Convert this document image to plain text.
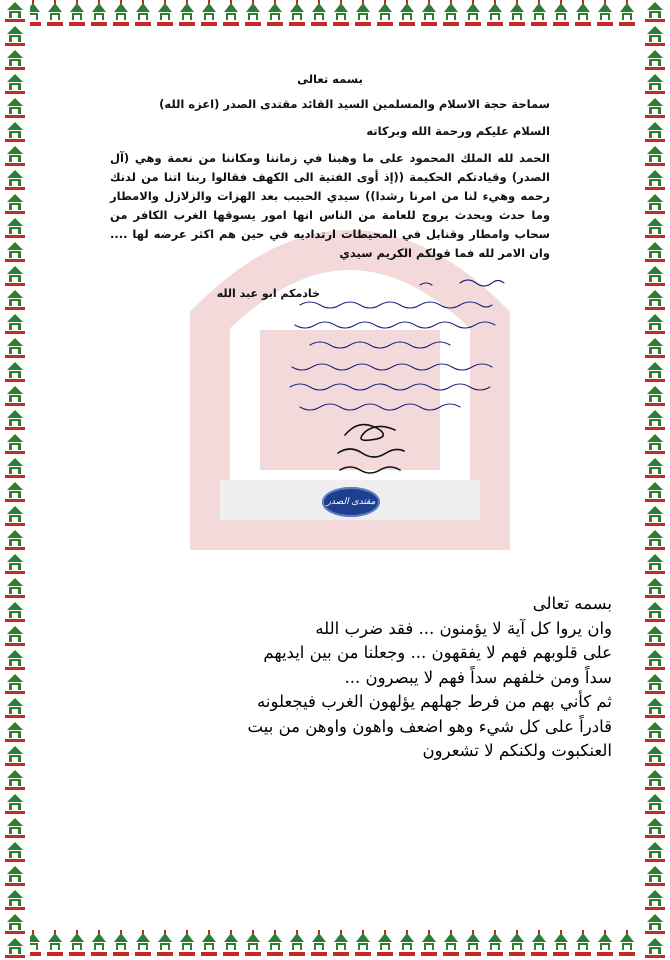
بسمه تعالى
سماحة حجة الاسلام والمسلمين السيد القائد مقتدى الصدر (اعزه الله)
السلام عليكم ورحمة الله وبركاته
الحمد لله الملك المحمود على ما وهبنا في زماننا ومكاننا من نعمة وهي (آل الصدر) وقيادتكم الحكيمة ((إذ أوى الفتية الى الكهف فقالوا ربنا اتنا من لدنك رحمه وهيء لنا من امرنا رشدا)) سيدي الحبيب بعد الهزات والزلازل والامطار وما حدث ويحدث يروج للعامة من الناس انها امور يسوقها الغرب الكافر من سحاب وامطار وقنابل في المحيطات ارتداديه في حين هم اكثر عرضه لها .... وان الامر لله فما قولكم الكريم سيدي
خادمكم ابو عبد الله
مقتدى الصدر
بسمه تعالى
وان يروا كل آية لا يؤمنون ... فقد ضرب الله
على قلوبهم فهم لا يفقهون ... وجعلنا من بين ايديهم
سداً ومن خلفهم سداً فهم لا يبصرون ...
ثم كأني بهم من فرط جهلهم يؤلهون الغرب فيجعلونه
قادراً على كل شيء وهو اضعف واهون واوهن من بيت
العنكبوت ولكنكم لا تشعرون
